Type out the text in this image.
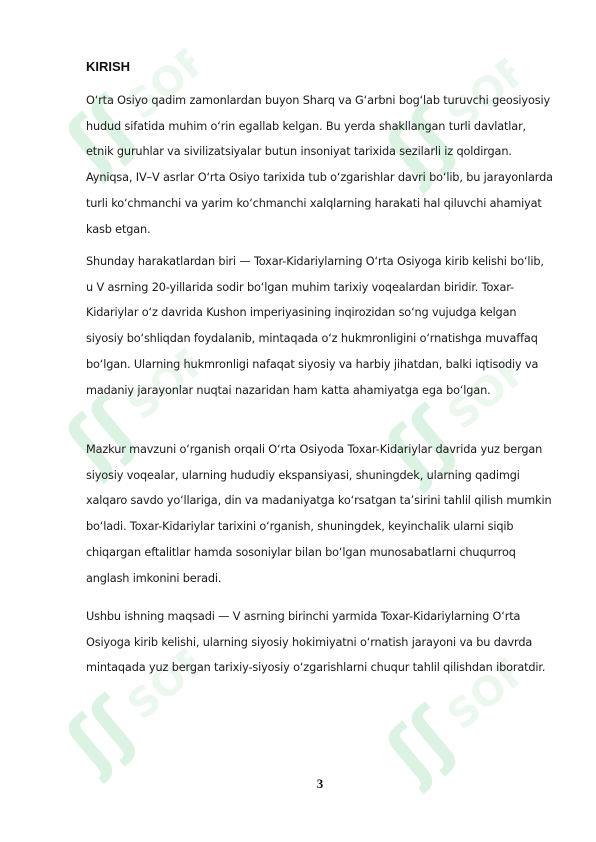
ʃʃ
SOF
ʃʃ
SOF
ʃʃ
SOF
ʃʃ
SOF
ʃʃ
SOF
ʃʃ
SOF
KIRISH

O‘rta Osiyo qadim zamonlardan buyon Sharq va G‘arbni bog‘lab turuvchi geosiyosiy hudud sifatida muhim o‘rin egallab kelgan. Bu yerda shakllangan turli davlatlar, etnik guruhlar va sivilizatsiyalar butun insoniyat tarixida sezilarli iz qoldirgan. Ayniqsa, IV–V asrlar O‘rta Osiyo tarixida tub o‘zgarishlar davri bo‘lib, bu jarayonlarda turli ko‘chmanchi va yarim ko‘chmanchi xalqlarning harakati hal qiluvchi ahamiyat kasb etgan.

Shunday harakatlardan biri — Toxar-Kidariylarning O‘rta Osiyoga kirib kelishi bo‘lib, u V asrning 20-yillarida sodir bo‘lgan muhim tarixiy voqealardan biridir. Toxar-Kidariylar o‘z davrida Kushon imperiyasining inqirozidan so‘ng vujudga kelgan siyosiy bo‘shliqdan foydalanib, mintaqada o‘z hukmronligini o‘rnatishga muvaffaq bo‘lgan. Ularning hukmronligi nafaqat siyosiy va harbiy jihatdan, balki iqtisodiy va madaniy jarayonlar nuqtai nazaridan ham katta ahamiyatga ega bo‘lgan.

Mazkur mavzuni o‘rganish orqali O‘rta Osiyoda Toxar-Kidariylar davrida yuz bergan siyosiy voqealar, ularning hududiy ekspansiyasi, shuningdek, ularning qadimgi xalqaro savdo yo‘llariga, din va madaniyatga ko‘rsatgan ta’sirini tahlil qilish mumkin bo‘ladi. Toxar-Kidariylar tarixini o‘rganish, shuningdek, keyinchalik ularni siqib chiqargan eftalitlar hamda sosoniylar bilan bo‘lgan munosabatlarni chuqurroq anglash imkonini beradi.

Ushbu ishning maqsadi — V asrning birinchi yarmida Toxar-Kidariylarning O‘rta Osiyoga kirib kelishi, ularning siyosiy hokimiyatni o‘rnatish jarayoni va bu davrda mintaqada yuz bergan tarixiy-siyosiy o‘zgarishlarni chuqur tahlil qilishdan iboratdir.

3
